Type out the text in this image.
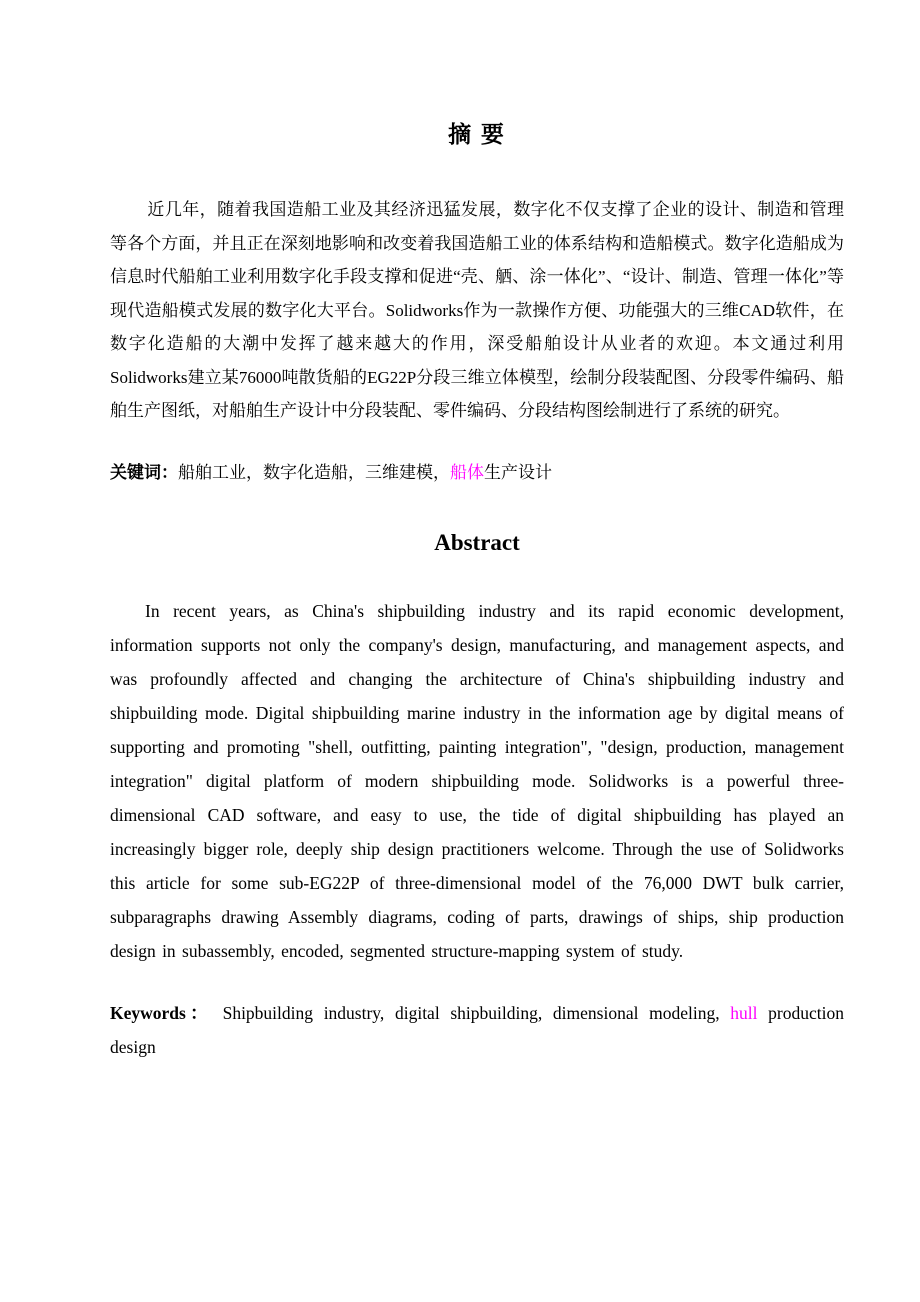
摘 要

近几年，随着我国造船工业及其经济迅猛发展，数字化不仅支撑了企业的设计、制造和管理等各个方面，并且正在深刻地影响和改变着我国造船工业的体系结构和造船模式。数字化造船成为信息时代船舶工业利用数字化手段支撑和促进“壳、舾、涂一体化”、“设计、制造、管理一体化”等现代造船模式发展的数字化大平台。Solidworks作为一款操作方便、功能强大的三维CAD软件，在数字化造船的大潮中发挥了越来越大的作用，深受船舶设计从业者的欢迎。本文通过利用Solidworks建立某76000吨散货船的EG22P分段三维立体模型，绘制分段装配图、分段零件编码、船舶生产图纸，对船舶生产设计中分段装配、零件编码、分段结构图绘制进行了系统的研究。

关键词：船舶工业，数字化造船，三维建模，船体生产设计

Abstract

In recent years, as China's shipbuilding industry and its rapid economic development, information supports not only the company's design, manufacturing, and management aspects, and was profoundly affected and changing the architecture of China's shipbuilding industry and shipbuilding mode. Digital shipbuilding marine industry in the information age by digital means of supporting and promoting "shell, outfitting, painting integration", "design, production, management integration" digital platform of modern shipbuilding mode. Solidworks is a powerful three-dimensional CAD software, and easy to use, the tide of digital shipbuilding has played an increasingly bigger role, deeply ship design practitioners welcome. Through the use of Solidworks this article for some sub-EG22P of three-dimensional model of the 76,000 DWT bulk carrier, subparagraphs drawing Assembly diagrams, coding of parts, drawings of ships, ship production design in subassembly, encoded, segmented structure-mapping system of study.

Keywords： Shipbuilding industry, digital shipbuilding, dimensional modeling, hull production design
